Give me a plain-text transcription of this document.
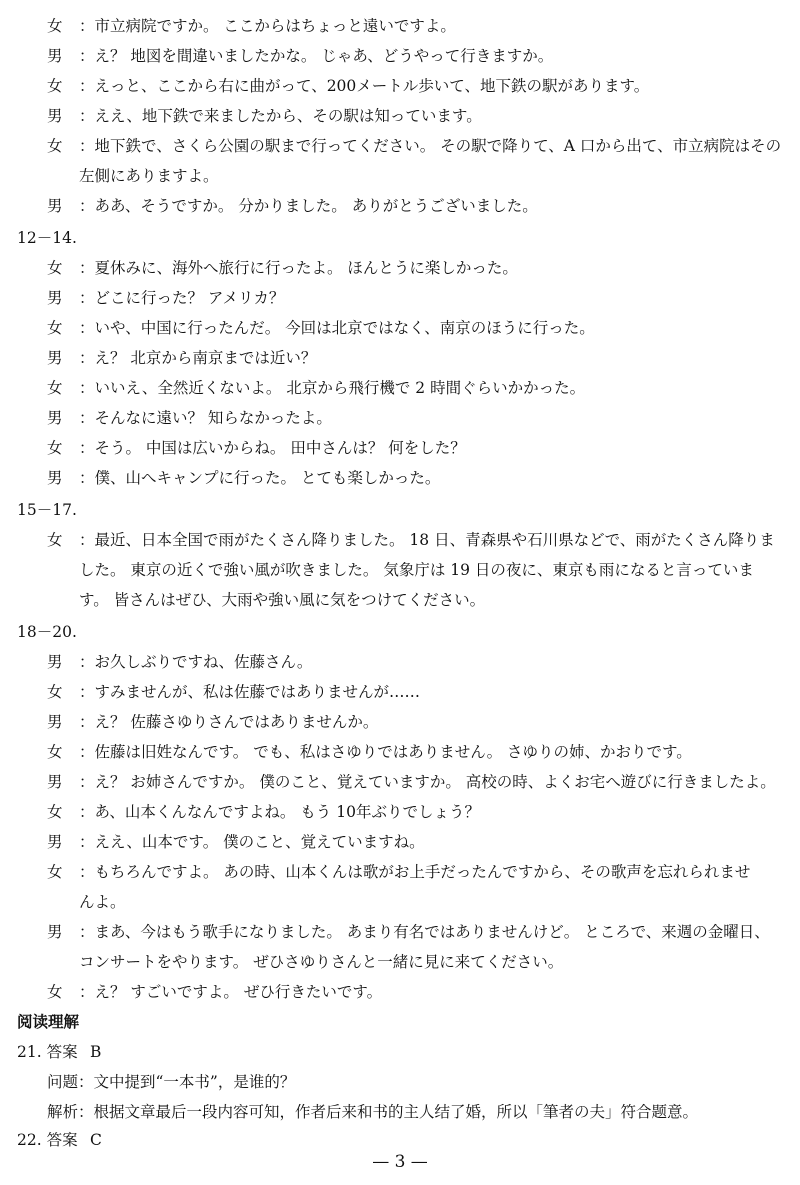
女 ：市立病院ですか。 ここからはちょっと遠いですよ。
男 ：え？ 地図を間違いましたかな。 じゃあ、どうやって行きますか。
女 ：えっと、ここから右に曲がって、200メートル歩いて、地下鉄の駅があります。
男 ：ええ、地下鉄で来ましたから、その駅は知っています。
女 ：地下鉄で、さくら公園の駅まで行ってください。 その駅で降りて、A 口から出て、市立病院はその
左側にありますよ。
男 ：ああ、そうですか。 分かりました。 ありがとうございました。
12－14.
女 ：夏休みに、海外へ旅行に行ったよ。 ほんとうに楽しかった。
男 ：どこに行った？ アメリカ？
女 ：いや、中国に行ったんだ。 今回は北京ではなく、南京のほうに行った。
男 ：え？ 北京から南京までは近い？
女 ：いいえ、全然近くないよ。 北京から飛行機で 2 時間ぐらいかかった。
男 ：そんなに遠い？ 知らなかったよ。
女 ：そう。 中国は広いからね。 田中さんは？ 何をした？
男 ：僕、山へキャンプに行った。 とても楽しかった。
15－17.
女 ：最近、日本全国で雨がたくさん降りました。 18 日、青森県や石川県などで、雨がたくさん降りま
した。 東京の近くで強い風が吹きました。 気象庁は 19 日の夜に、東京も雨になると言っていま
す。 皆さんはぜひ、大雨や強い風に気をつけてください。
18－20.
男 ：お久しぶりですね、佐藤さん。
女 ：すみませんが、私は佐藤ではありませんが……
男 ：え？ 佐藤さゆりさんではありませんか。
女 ：佐藤は旧姓なんです。 でも、私はさゆりではありません。 さゆりの姉、かおりです。
男 ：え？ お姉さんですか。 僕のこと、覚えていますか。 高校の時、よくお宅へ遊びに行きましたよ。
女 ：あ、山本くんなんですよね。 もう 10年ぶりでしょう？
男 ：ええ、山本です。 僕のこと、覚えていますね。
女 ：もちろんですよ。 あの時、山本くんは歌がお上手だったんですから、その歌声を忘れられませ
んよ。
男 ：まあ、今はもう歌手になりました。 あまり有名ではありませんけど。 ところで、来週の金曜日、
コンサートをやります。 ぜひさゆりさんと一緒に見に来てください。
女 ：え？ すごいですよ。 ぜひ行きたいです。
阅读理解
21. 答案 B
问题：文中提到“一本书”，是谁的？
解析：根据文章最后一段内容可知，作者后来和书的主人结了婚，所以「筆者の夫」符合题意。
22. 答案 C
— 3 —
